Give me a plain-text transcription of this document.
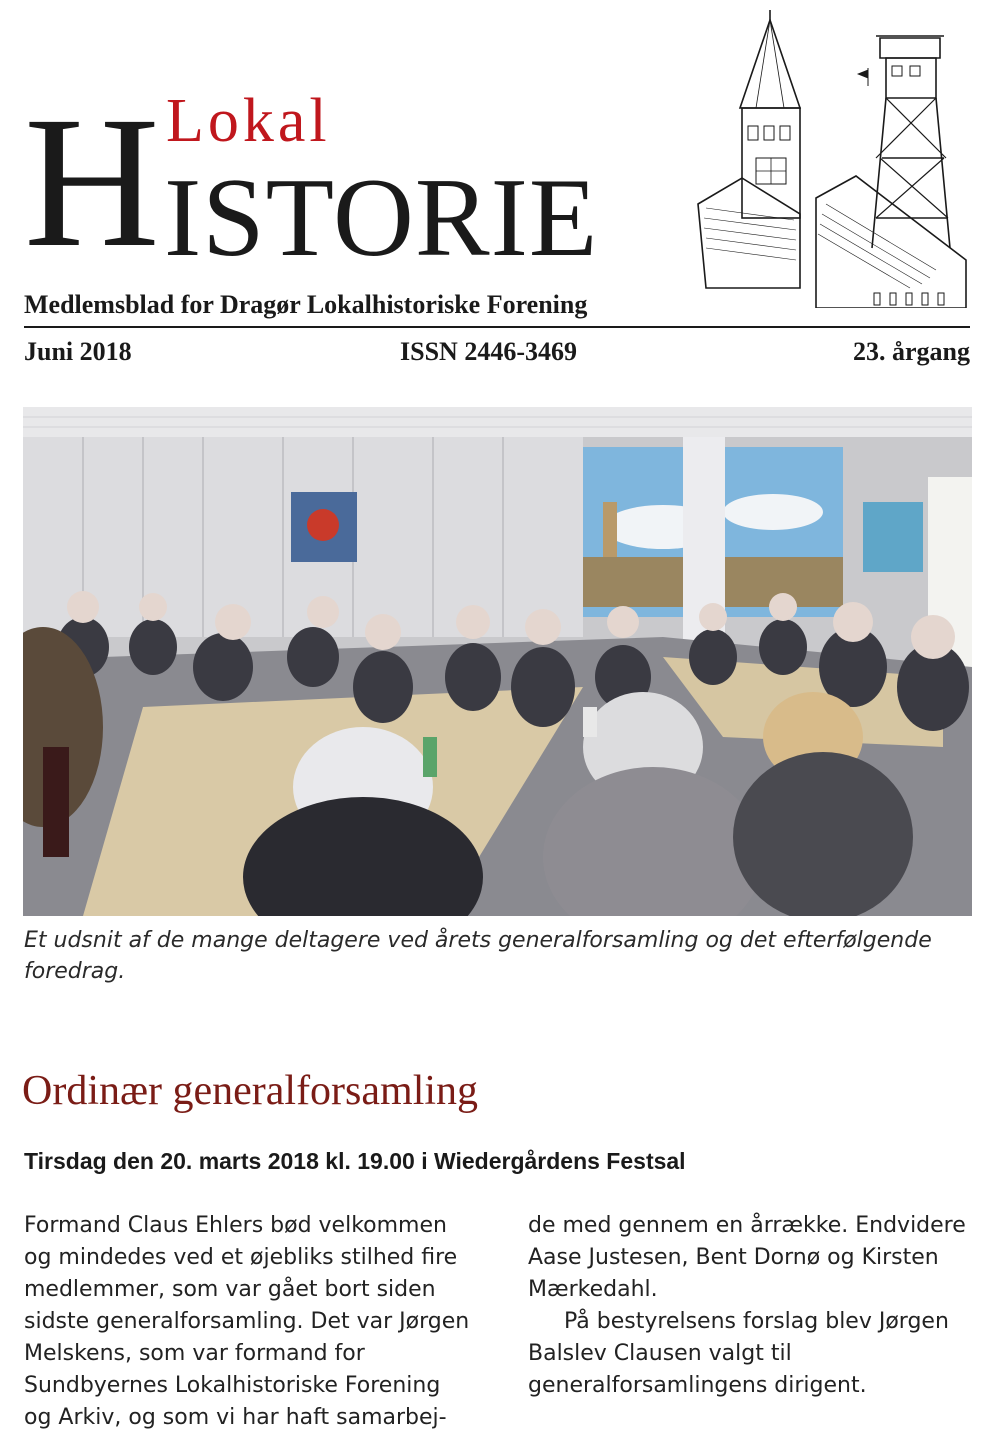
H Lokal
ISTORIE
Medlemsblad for Dragør Lokalhistoriske Forening
Juni 2018	ISSN 2446-3469	23. årgang
Et udsnit af de mange deltagere ved årets generalforsamling og det efterfølgende foredrag.
Ordinær generalforsamling
Tirsdag den 20. marts 2018 kl. 19.00 i Wiedergårdens Festsal

Formand Claus Ehlers bød velkommen og mindedes ved et øjebliks stilhed fire medlemmer, som var gået bort siden sidste generalforsamling. Det var Jørgen Melskens, som var formand for Sundbyernes Lokalhistoriske Forening og Arkiv, og som vi har haft samarbej-

de med gennem en årrække. Endvidere Aase Justesen, Bent Dornø og Kirsten Mærkedahl.

På bestyrelsens forslag blev Jørgen Balslev Clausen valgt til generalforsamlingens dirigent.
